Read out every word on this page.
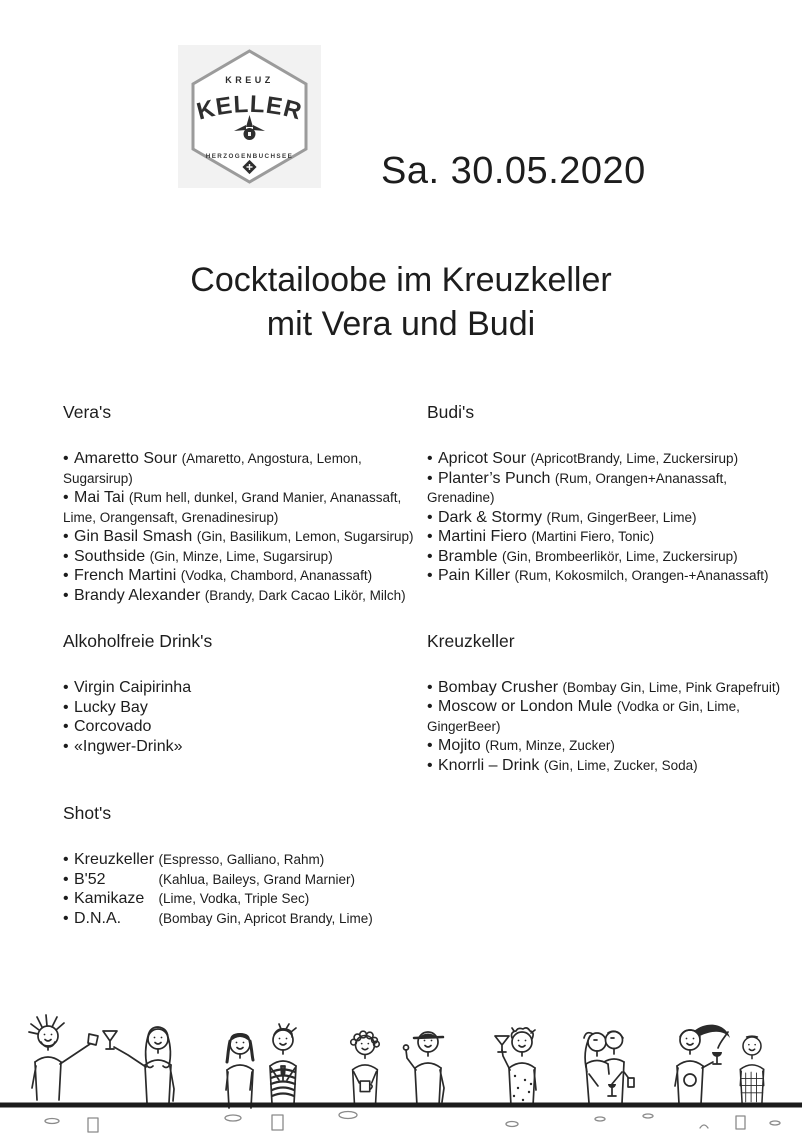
KREUZ
KELLER
HERZOGENBUCHSEE Sa. 30.05.2020
Cocktailoobe im Kreuzkeller
mit Vera und Budi
Vera's
• Amaretto Sour (Amaretto, Angostura, Lemon, Sugarsirup)
• Mai Tai (Rum hell, dunkel, Grand Manier, Ananassaft, Lime, Orangensaft, Grenadinesirup)
• Gin Basil Smash (Gin, Basilikum, Lemon, Sugarsirup)
• Southside (Gin, Minze, Lime, Sugarsirup)
• French Martini (Vodka, Chambord, Ananassaft)
• Brandy Alexander (Brandy, Dark Cacao Likör, Milch)
Alkoholfreie Drink's
• Virgin Caipirinha
• Lucky Bay
• Corcovado
• «Ingwer-Drink»
Shot's
• Kreuzkeller (Espresso, Galliano, Rahm)
• B'52	(Kahlua, Baileys, Grand Marnier)
• Kamikaze (Lime, Vodka, Triple Sec)
• D.N.A.	(Bombay Gin, Apricot Brandy, Lime)
Budi's
• Apricot Sour (ApricotBrandy, Lime, Zuckersirup)
• Planter’s Punch (Rum, Orangen+Ananassaft, Grenadine)
• Dark & Stormy (Rum, GingerBeer, Lime)
• Martini Fiero (Martini Fiero, Tonic)
• Bramble (Gin, Brombeerlikör, Lime, Zuckersirup)
• Pain Killer (Rum, Kokosmilch, Orangen-+Ananassaft)
Kreuzkeller
• Bombay Crusher (Bombay Gin, Lime, Pink Grapefruit)
• Moscow or London Mule (Vodka or Gin, Lime, GingerBeer)
• Mojito (Rum, Minze, Zucker)
• Knorrli – Drink (Gin, Lime, Zucker, Soda)
